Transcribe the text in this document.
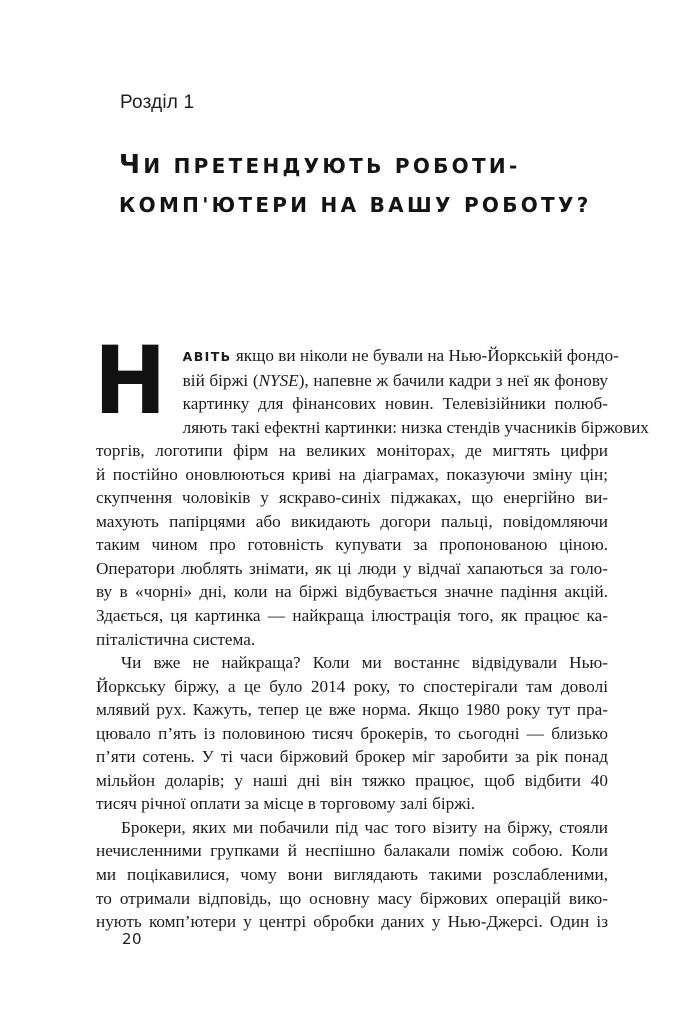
Розділ 1
ЧИ ПРЕТЕНДУЮТЬ РОБОТИ-
КОМП'ЮТЕРИ НА ВАШУ РОБОТУ?

Н	АВІТЬ якщо ви ніколи не бували на Нью-Йоркській фондо-
вій біржі (NYSE), напевне ж бачили кадри з неї як фонову
картинку для фінансових новин. Телевізійники полюб-
ляють такі ефектні картинки: низка стендів учасників біржових
торгів, логотипи фірм на великих моніторах, де мигтять цифри
й постійно оновлюються криві на діаграмах, показуючи зміну цін;
скупчення чоловіків у яскраво-синіх піджаках, що енергійно ви-
махують папірцями або викидають догори пальці, повідомляючи
таким чином про готовність купувати за пропонованою ціною.
Оператори люблять знімати, як ці люди у відчаї хапаються за голо-
ву в «чорні» дні, коли на біржі відбувається значне падіння акцій.
Здається, ця картинка — найкраща ілюстрація того, як працює ка-
піталістична система.

Чи вже не найкраща? Коли ми востаннє відвідували Нью-
Йоркську біржу, а це було 2014 року, то спостерігали там доволі
млявий рух. Кажуть, тепер це вже норма. Якщо 1980 року тут пра-
цювало п’ять із половиною тисяч брокерів, то сьогодні — близько
п’яти сотень. У ті часи біржовий брокер міг заробити за рік понад
мільйон доларів; у наші дні він тяжко працює, щоб відбити 40
тисяч річної оплати за місце в торговому залі біржі.

Брокери, яких ми побачили під час того візиту на біржу, стояли
нечисленними групками й неспішно балакали поміж собою. Коли
ми поцікавилися, чому вони виглядають такими розслабленими,
то отримали відповідь, що основну масу біржових операцій вико-
нують комп’ютери у центрі обробки даних у Нью-Джерсі. Один із

20
